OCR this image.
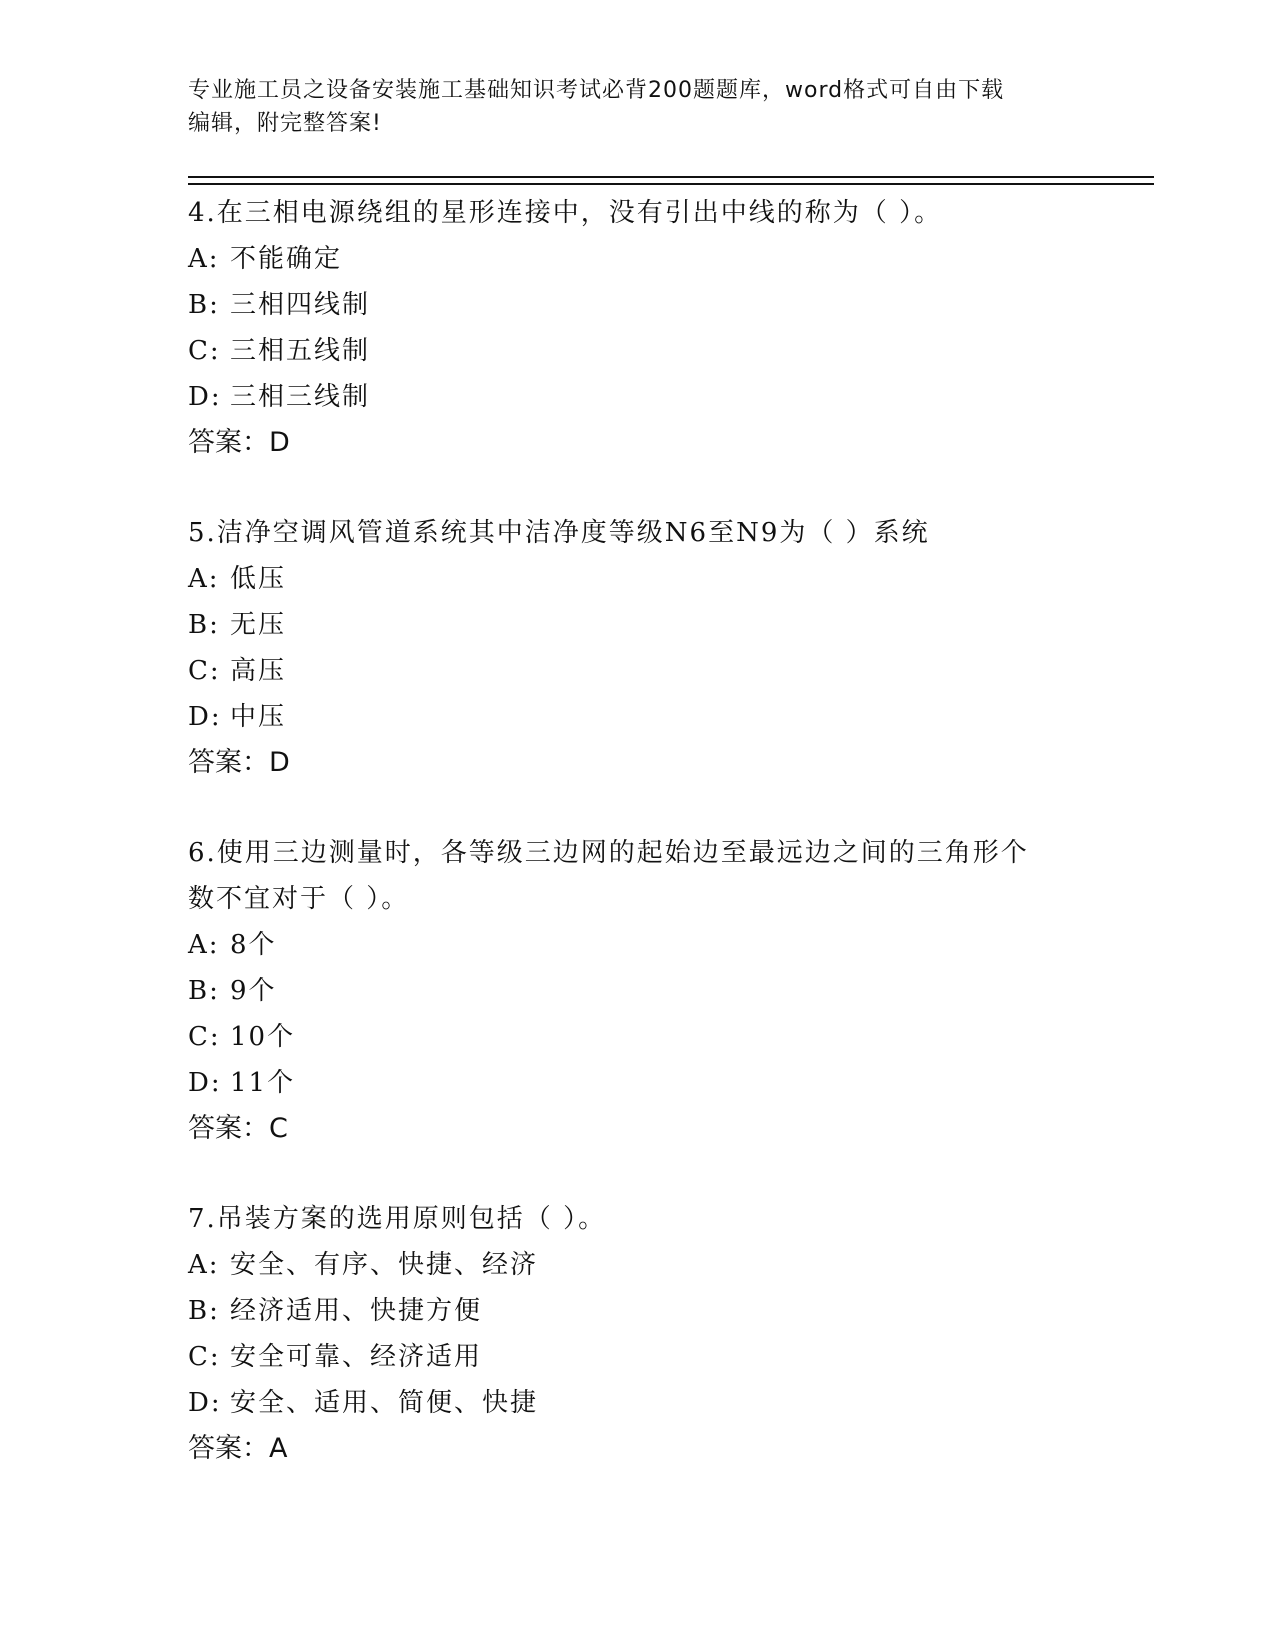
专业施工员之设备安装施工基础知识考试必背200题题库，word格式可自由下载

编辑，附完整答案!

4.在三相电源绕组的星形连接中，没有引出中线的称为（ ）。

A: 不能确定

B: 三相四线制

C: 三相五线制

D: 三相三线制

答案：D

5.洁净空调风管道系统其中洁净度等级N6至N9为（ ）系统

A: 低压

B: 无压

C: 高压

D: 中压

答案：D

6.使用三边测量时，各等级三边网的起始边至最远边之间的三角形个

数不宜对于（ ）。

A: 8个

B: 9个

C: 10个

D: 11个

答案：C

7.吊装方案的选用原则包括（ ）。

A: 安全、有序、快捷、经济

B: 经济适用、快捷方便

C: 安全可靠、经济适用

D: 安全、适用、简便、快捷

答案：A
